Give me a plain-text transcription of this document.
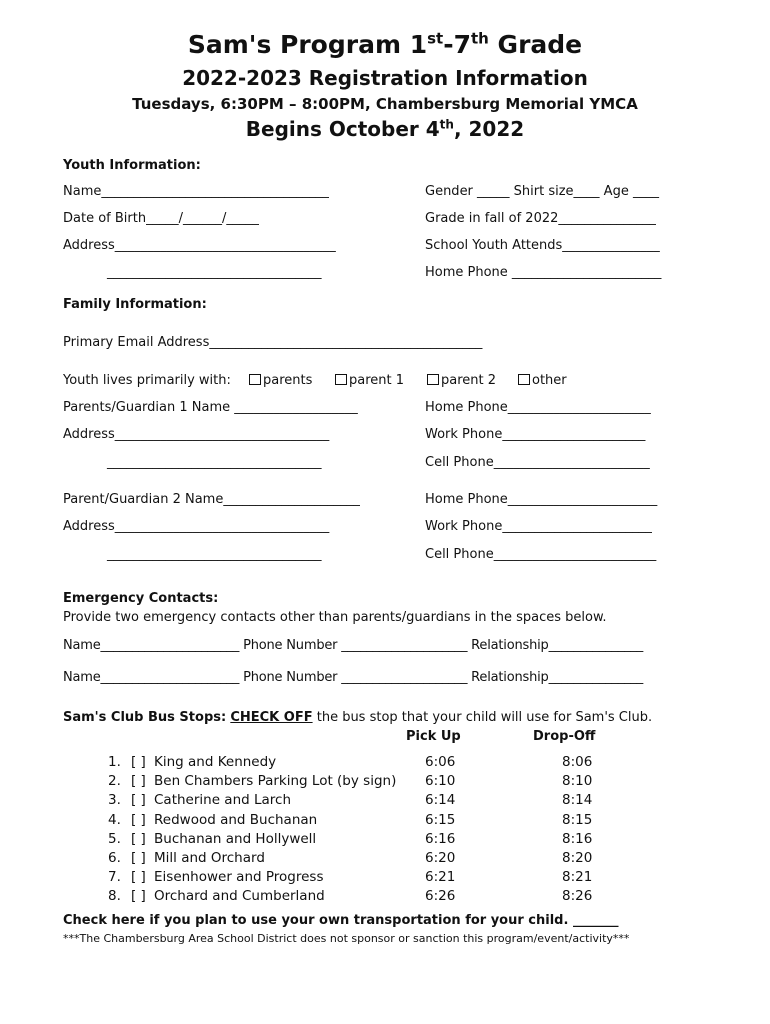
Sam's Program 1st-7th Grade
2022-2023 Registration Information
Tuesdays, 6:30PM – 8:00PM, Chambersburg Memorial YMCA
Begins October 4th, 2022
Youth Information:
Name___________________________________	Gender _____ Shirt size____ Age ____
Date of Birth_____/______/_____	Grade in fall of 2022_______________
Address__________________________________	School Youth Attends_______________
_________________________________	Home Phone _______________________
Family Information:
Primary Email Address__________________________________________
Youth lives primarily with:	parents	parent 1	parent 2	other
Parents/Guardian 1 Name ___________________	Home Phone______________________
Address_________________________________	Work Phone______________________
_________________________________	Cell Phone________________________
Parent/Guardian 2 Name_____________________	Home Phone_______________________
Address_________________________________	Work Phone_______________________
_________________________________	Cell Phone_________________________
Emergency Contacts:
Provide two emergency contacts other than parents/guardians in the spaces below.
Name______________________ Phone Number ____________________ Relationship_______________
Name______________________ Phone Number ____________________ Relationship_______________
Sam's Club Bus Stops: CHECK OFF the bus stop that your child will use for Sam's Club.
Pick Up	Drop-Off
1. [ ] King and Kennedy	6:06	8:06
2. [ ] Ben Chambers Parking Lot (by sign) 6:10	8:10
3. [ ] Catherine and Larch	6:14	8:14
4. [ ] Redwood and Buchanan	6:15	8:15
5. [ ] Buchanan and Hollywell	6:16	8:16
6. [ ] Mill and Orchard	6:20	8:20
7. [ ] Eisenhower and Progress	6:21	8:21
8. [ ] Orchard and Cumberland	6:26	8:26
Check here if you plan to use your own transportation for your child. _______
***The Chambersburg Area School District does not sponsor or sanction this program/event/activity***
